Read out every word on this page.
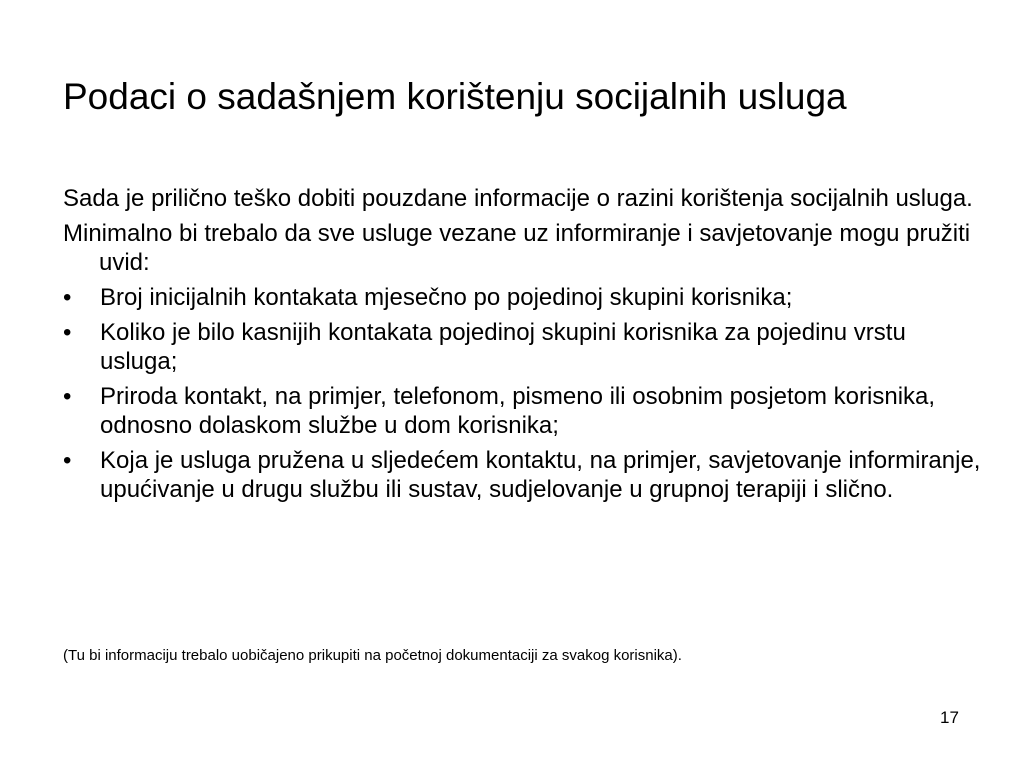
Podaci o sadašnjem korištenju socijalnih usluga
Sada je prilično teško dobiti pouzdane informacije o razini korištenja socijalnih usluga.
Minimalno bi trebalo da sve usluge vezane uz informiranje i savjetovanje mogu pružiti uvid:
• Broj inicijalnih kontakata mjesečno po pojedinoj skupini korisnika;
• Koliko je bilo kasnijih kontakata pojedinoj skupini korisnika za pojedinu vrstu usluga;
• Priroda kontakt, na primjer, telefonom, pismeno ili osobnim posjetom korisnika, odnosno dolaskom službe u dom korisnika;
• Koja je usluga pružena u sljedećem kontaktu, na primjer, savjetovanje informiranje, upućivanje u drugu službu ili sustav, sudjelovanje u grupnoj terapiji i slično.
(Tu bi informaciju trebalo uobičajeno prikupiti na početnoj dokumentaciji za svakog korisnika).
17
